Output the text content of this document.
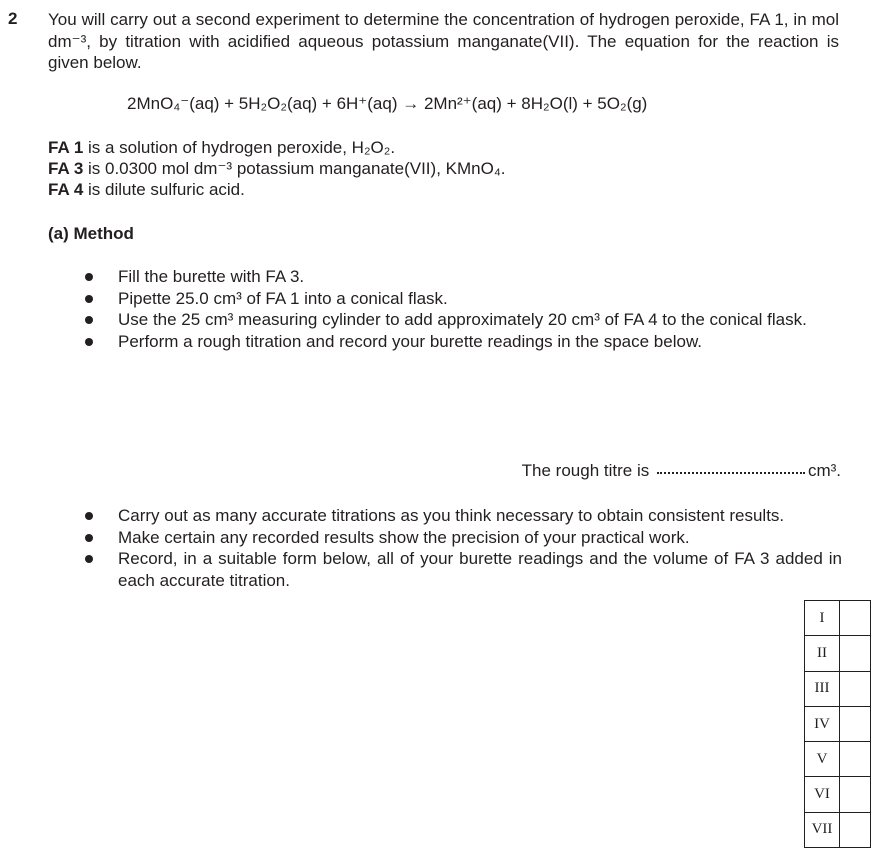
2 You will carry out a second experiment to determine the concentration of hydrogen peroxide, FA 1, in mol dm⁻³, by titration with acidified aqueous potassium manganate(VII). The equation for the reaction is given below.
2MnO₄⁻(aq) + 5H₂O₂(aq) + 6H⁺(aq) → 2Mn²⁺(aq) + 8H₂O(l) + 5O₂(g)
FA 1 is a solution of hydrogen peroxide, H₂O₂.
FA 3 is 0.0300 mol dm⁻³ potassium manganate(VII), KMnO₄.
FA 4 is dilute sulfuric acid.
(a) Method
Fill the burette with FA 3.
Pipette 25.0 cm³ of FA 1 into a conical flask.
Use the 25 cm³ measuring cylinder to add approximately 20 cm³ of FA 4 to the conical flask.
Perform a rough titration and record your burette readings in the space below.
The rough titre is	cm³.
Carry out as many accurate titrations as you think necessary to obtain consistent results.
Make certain any recorded results show the precision of your practical work.
Record, in a suitable form below, all of your burette readings and the volume of FA 3 added in each accurate titration.
I	
II	
III	
IV	
V	
VI	
VII	
